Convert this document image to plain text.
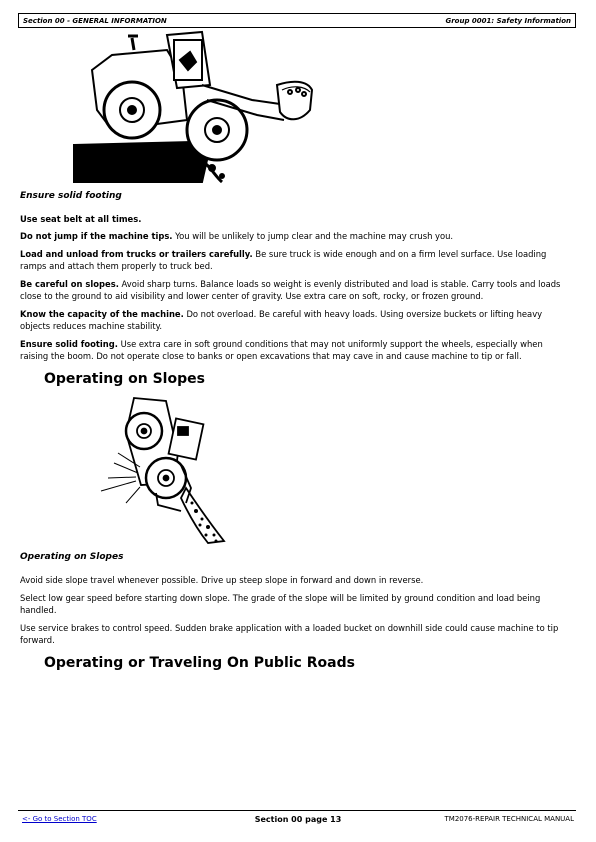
Section 00 - GENERAL INFORMATION	Group 0001: Safety Information
Ensure solid footing
Use seat belt at all times.
Do not jump if the machine tips. You will be unlikely to jump clear and the machine may crush you.
Load and unload from trucks or trailers carefully. Be sure truck is wide enough and on a firm level surface. Use loading ramps and attach them properly to truck bed.
Be careful on slopes. Avoid sharp turns. Balance loads so weight is evenly distributed and load is stable. Carry tools and loads close to the ground to aid visibility and lower center of gravity. Use extra care on soft, rocky, or frozen ground.
Know the capacity of the machine. Do not overload. Be careful with heavy loads. Using oversize buckets or lifting heavy objects reduces machine stability.
Ensure solid footing. Use extra care in soft ground conditions that may not uniformly support the wheels, especially when raising the boom. Do not operate close to banks or open excavations that may cave in and cause machine to tip or fall.
Operating on Slopes
Operating on Slopes
Avoid side slope travel whenever possible. Drive up steep slope in forward and down in reverse.
Select low gear speed before starting down slope. The grade of the slope will be limited by ground condition and load being handled.
Use service brakes to control speed. Sudden brake application with a loaded bucket on downhill side could cause machine to tip forward.
Operating or Traveling On Public Roads
Section 00 page 13
<- Go to Section TOC	TM2076-REPAIR TECHNICAL MANUAL
